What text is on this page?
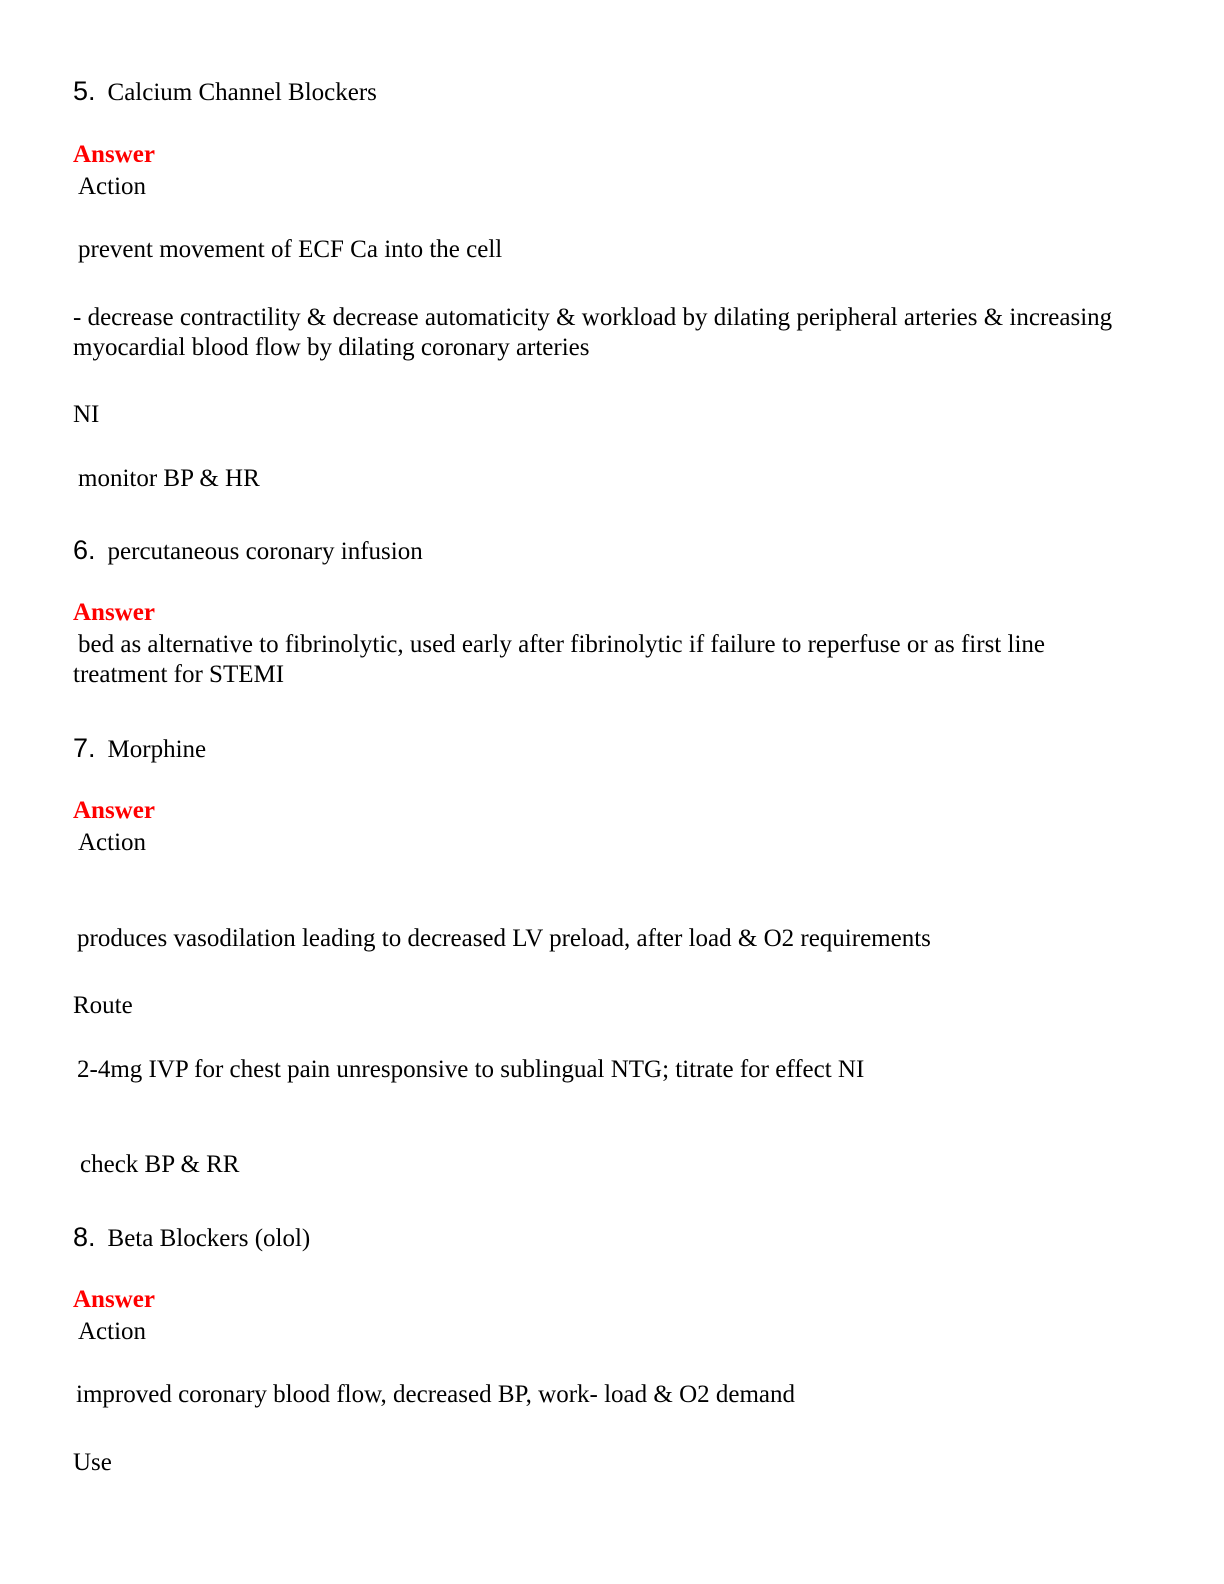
5. Calcium Channel Blockers
Answer
Action
prevent movement of ECF Ca into the cell
- decrease contractility & decrease automaticity & workload by dilating peripheral arteries & increasing myocardial blood flow by dilating coronary arteries
NI
monitor BP & HR
6. percutaneous coronary infusion
Answer
bed as alternative to fibrinolytic, used early after fibrinolytic if failure to reperfuse or as first line treatment for STEMI
7. Morphine
Answer
Action
produces vasodilation leading to decreased LV preload, after load & O2 requirements
Route
2-4mg IVP for chest pain unresponsive to sublingual NTG; titrate for effect NI
check BP & RR
8. Beta Blockers (olol)
Answer
Action
improved coronary blood flow, decreased BP, work- load & O2 demand
Use
